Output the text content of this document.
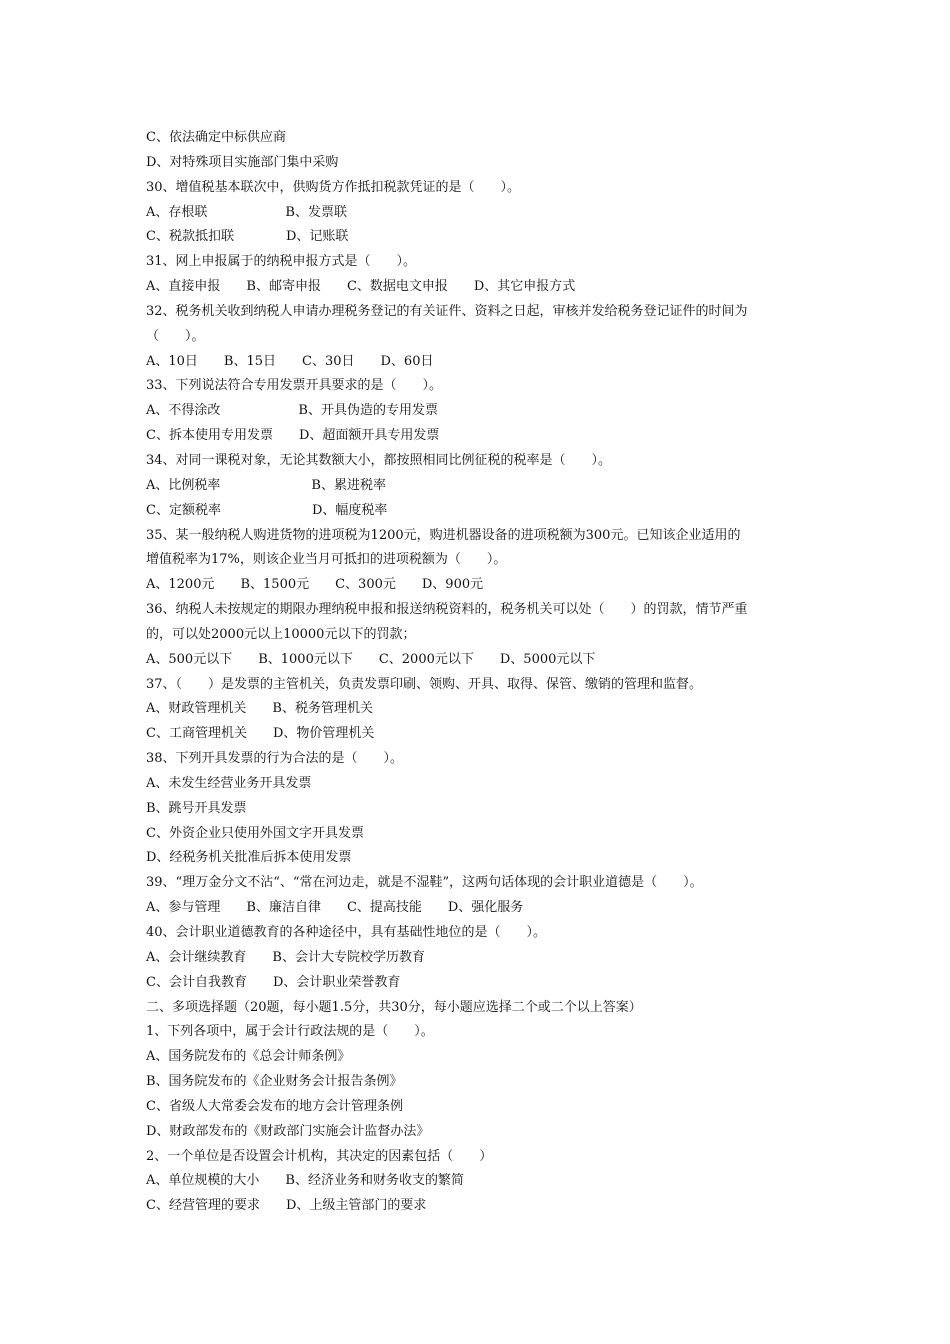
C、依法确定中标供应商
D、对特殊项目实施部门集中采购
30、增值税基本联次中，供购货方作抵扣税款凭证的是（　　）。
A、存根联　　　　　　B、发票联
C、税款抵扣联　　　　D、记账联
31、网上申报属于的纳税申报方式是（　　）。
A、直接申报　　B、邮寄申报　　C、数据电文申报　　D、其它申报方式
32、税务机关收到纳税人申请办理税务登记的有关证件、资料之日起，审核并发给税务登记证件的时间为
（　　）。
A、10日　　B、15日　　C、30日　　D、60日
33、下列说法符合专用发票开具要求的是（　　）。
A、不得涂改　　　　　　B、开具伪造的专用发票
C、拆本使用专用发票　　D、超面额开具专用发票
34、对同一课税对象，无论其数额大小，都按照相同比例征税的税率是（　　）。
A、比例税率　　　　　　　B、累进税率
C、定额税率　　　　　　　D、幅度税率
35、某一般纳税人购进货物的进项税为1200元，购进机器设备的进项税额为300元。已知该企业适用的
增值税率为17%，则该企业当月可抵扣的进项税额为（　　）。
A、1200元　　B、1500元　　C、300元　　D、900元
36、纳税人未按规定的期限办理纳税申报和报送纳税资料的，税务机关可以处（　　）的罚款，情节严重
的，可以处2000元以上10000元以下的罚款；
A、500元以下　　B、1000元以下　　C、2000元以下　　D、5000元以下
37、（　　）是发票的主管机关，负责发票印刷、领购、开具、取得、保管、缴销的管理和监督。
A、财政管理机关　　B、税务管理机关
C、工商管理机关　　D、物价管理机关
38、下列开具发票的行为合法的是（　　）。
A、未发生经营业务开具发票
B、跳号开具发票
C、外资企业只使用外国文字开具发票
D、经税务机关批准后拆本使用发票
39、“理万金分文不沾“、“常在河边走，就是不湿鞋”，这两句话体现的会计职业道德是（　　）。
A、参与管理　　B、廉洁自律　　C、提高技能　　D、强化服务
40、会计职业道德教育的各种途径中，具有基础性地位的是（　　）。
A、会计继续教育　　B、会计大专院校学历教育
C、会计自我教育　　D、会计职业荣誉教育
二、多项选择题（20题，每小题1.5分，共30分，每小题应选择二个或二个以上答案）
1、下列各项中，属于会计行政法规的是（　　）。
A、国务院发布的《总会计师条例》
B、国务院发布的《企业财务会计报告条例》
C、省级人大常委会发布的地方会计管理条例
D、财政部发布的《财政部门实施会计监督办法》
2、一个单位是否设置会计机构，其决定的因素包括（　　）
A、单位规模的大小　　B、经济业务和财务收支的繁简
C、经营管理的要求　　D、上级主管部门的要求
